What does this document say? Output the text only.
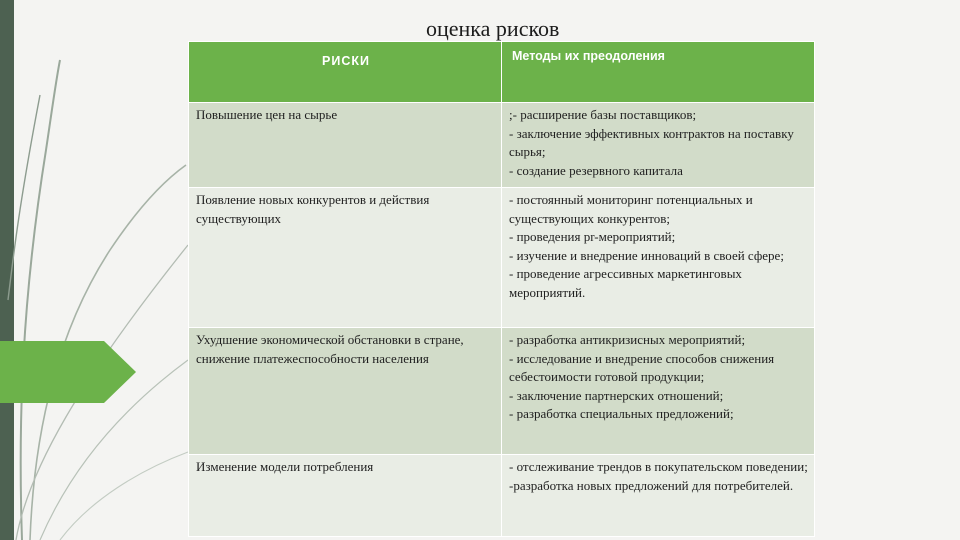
оценка рисков
РИСКИ	Методы их преодоления
Повышение цен на сырье	;- расширение базы поставщиков;
- заключение эффективных контрактов на поставку сырья;
- создание резервного капитала

Появление новых конкурентов и действия существующих	- постоянный мониторинг потенциальных и существующих конкурентов;
- проведения pr-мероприятий;
- изучение и внедрение инноваций в своей сфере;
- проведение агрессивных маркетинговых мероприятий.

Ухудшение экономической обстановки в стране, снижение платежеспособности населения	- разработка антикризисных мероприятий;
- исследование и внедрение способов снижения себестоимости готовой продукции;
- заключение партнерских отношений;
- разработка специальных предложений;

Изменение модели потребления	- отслеживание трендов в покупательском поведении;
-разработка новых предложений для потребителей.
